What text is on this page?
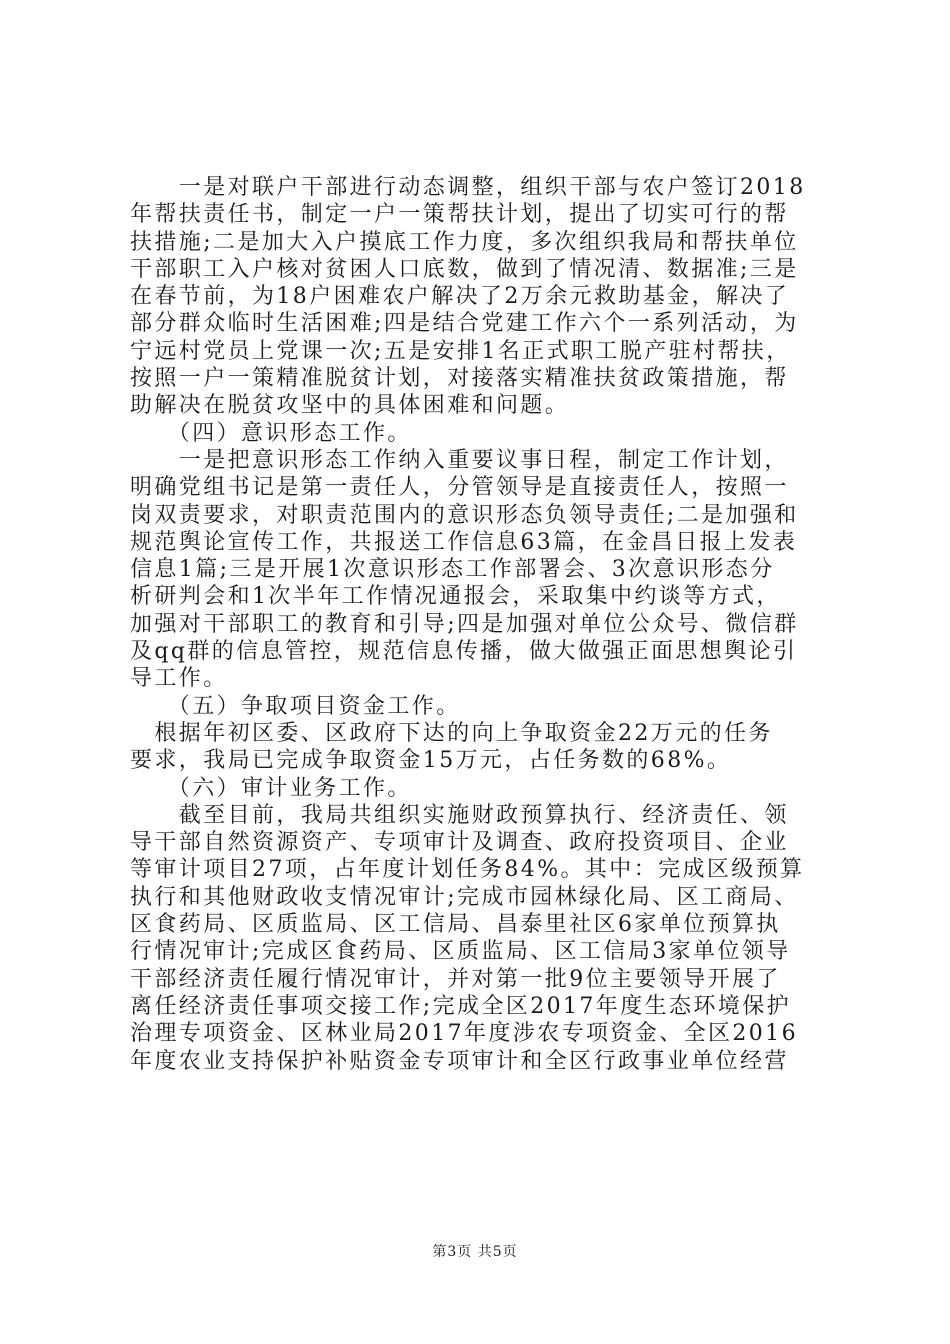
　　一是对联户干部进行动态调整，组织干部与农户签订2018
年帮扶责任书，制定一户一策帮扶计划，提出了切实可行的帮
扶措施;二是加大入户摸底工作力度，多次组织我局和帮扶单位
干部职工入户核对贫困人口底数，做到了情况清、数据准;三是
在春节前，为18户困难农户解决了2万余元救助基金，解决了
部分群众临时生活困难;四是结合党建工作六个一系列活动，为
宁远村党员上党课一次;五是安排1名正式职工脱产驻村帮扶，
按照一户一策精准脱贫计划，对接落实精准扶贫政策措施，帮
助解决在脱贫攻坚中的具体困难和问题。
　　（四）意识形态工作。
　　一是把意识形态工作纳入重要议事日程，制定工作计划，
明确党组书记是第一责任人，分管领导是直接责任人，按照一
岗双责要求，对职责范围内的意识形态负领导责任;二是加强和
规范舆论宣传工作，共报送工作信息63篇，在金昌日报上发表
信息1篇;三是开展1次意识形态工作部署会、3次意识形态分
析研判会和1次半年工作情况通报会，采取集中约谈等方式，
加强对干部职工的教育和引导;四是加强对单位公众号、微信群
及qq群的信息管控，规范信息传播，做大做强正面思想舆论引
导工作。
　　（五）争取项目资金工作。
　根据年初区委、区政府下达的向上争取资金22万元的任务
要求，我局已完成争取资金15万元，占任务数的68%。
　　（六）审计业务工作。
　　截至目前，我局共组织实施财政预算执行、经济责任、领
导干部自然资源资产、专项审计及调查、政府投资项目、企业
等审计项目27项，占年度计划任务84%。其中：完成区级预算
执行和其他财政收支情况审计;完成市园林绿化局、区工商局、
区食药局、区质监局、区工信局、昌泰里社区6家单位预算执
行情况审计;完成区食药局、区质监局、区工信局3家单位领导
干部经济责任履行情况审计，并对第一批9位主要领导开展了
离任经济责任事项交接工作;完成全区2017年度生态环境保护
治理专项资金、区林业局2017年度涉农专项资金、全区2016
年度农业支持保护补贴资金专项审计和全区行政事业单位经营
第3页 共5页
